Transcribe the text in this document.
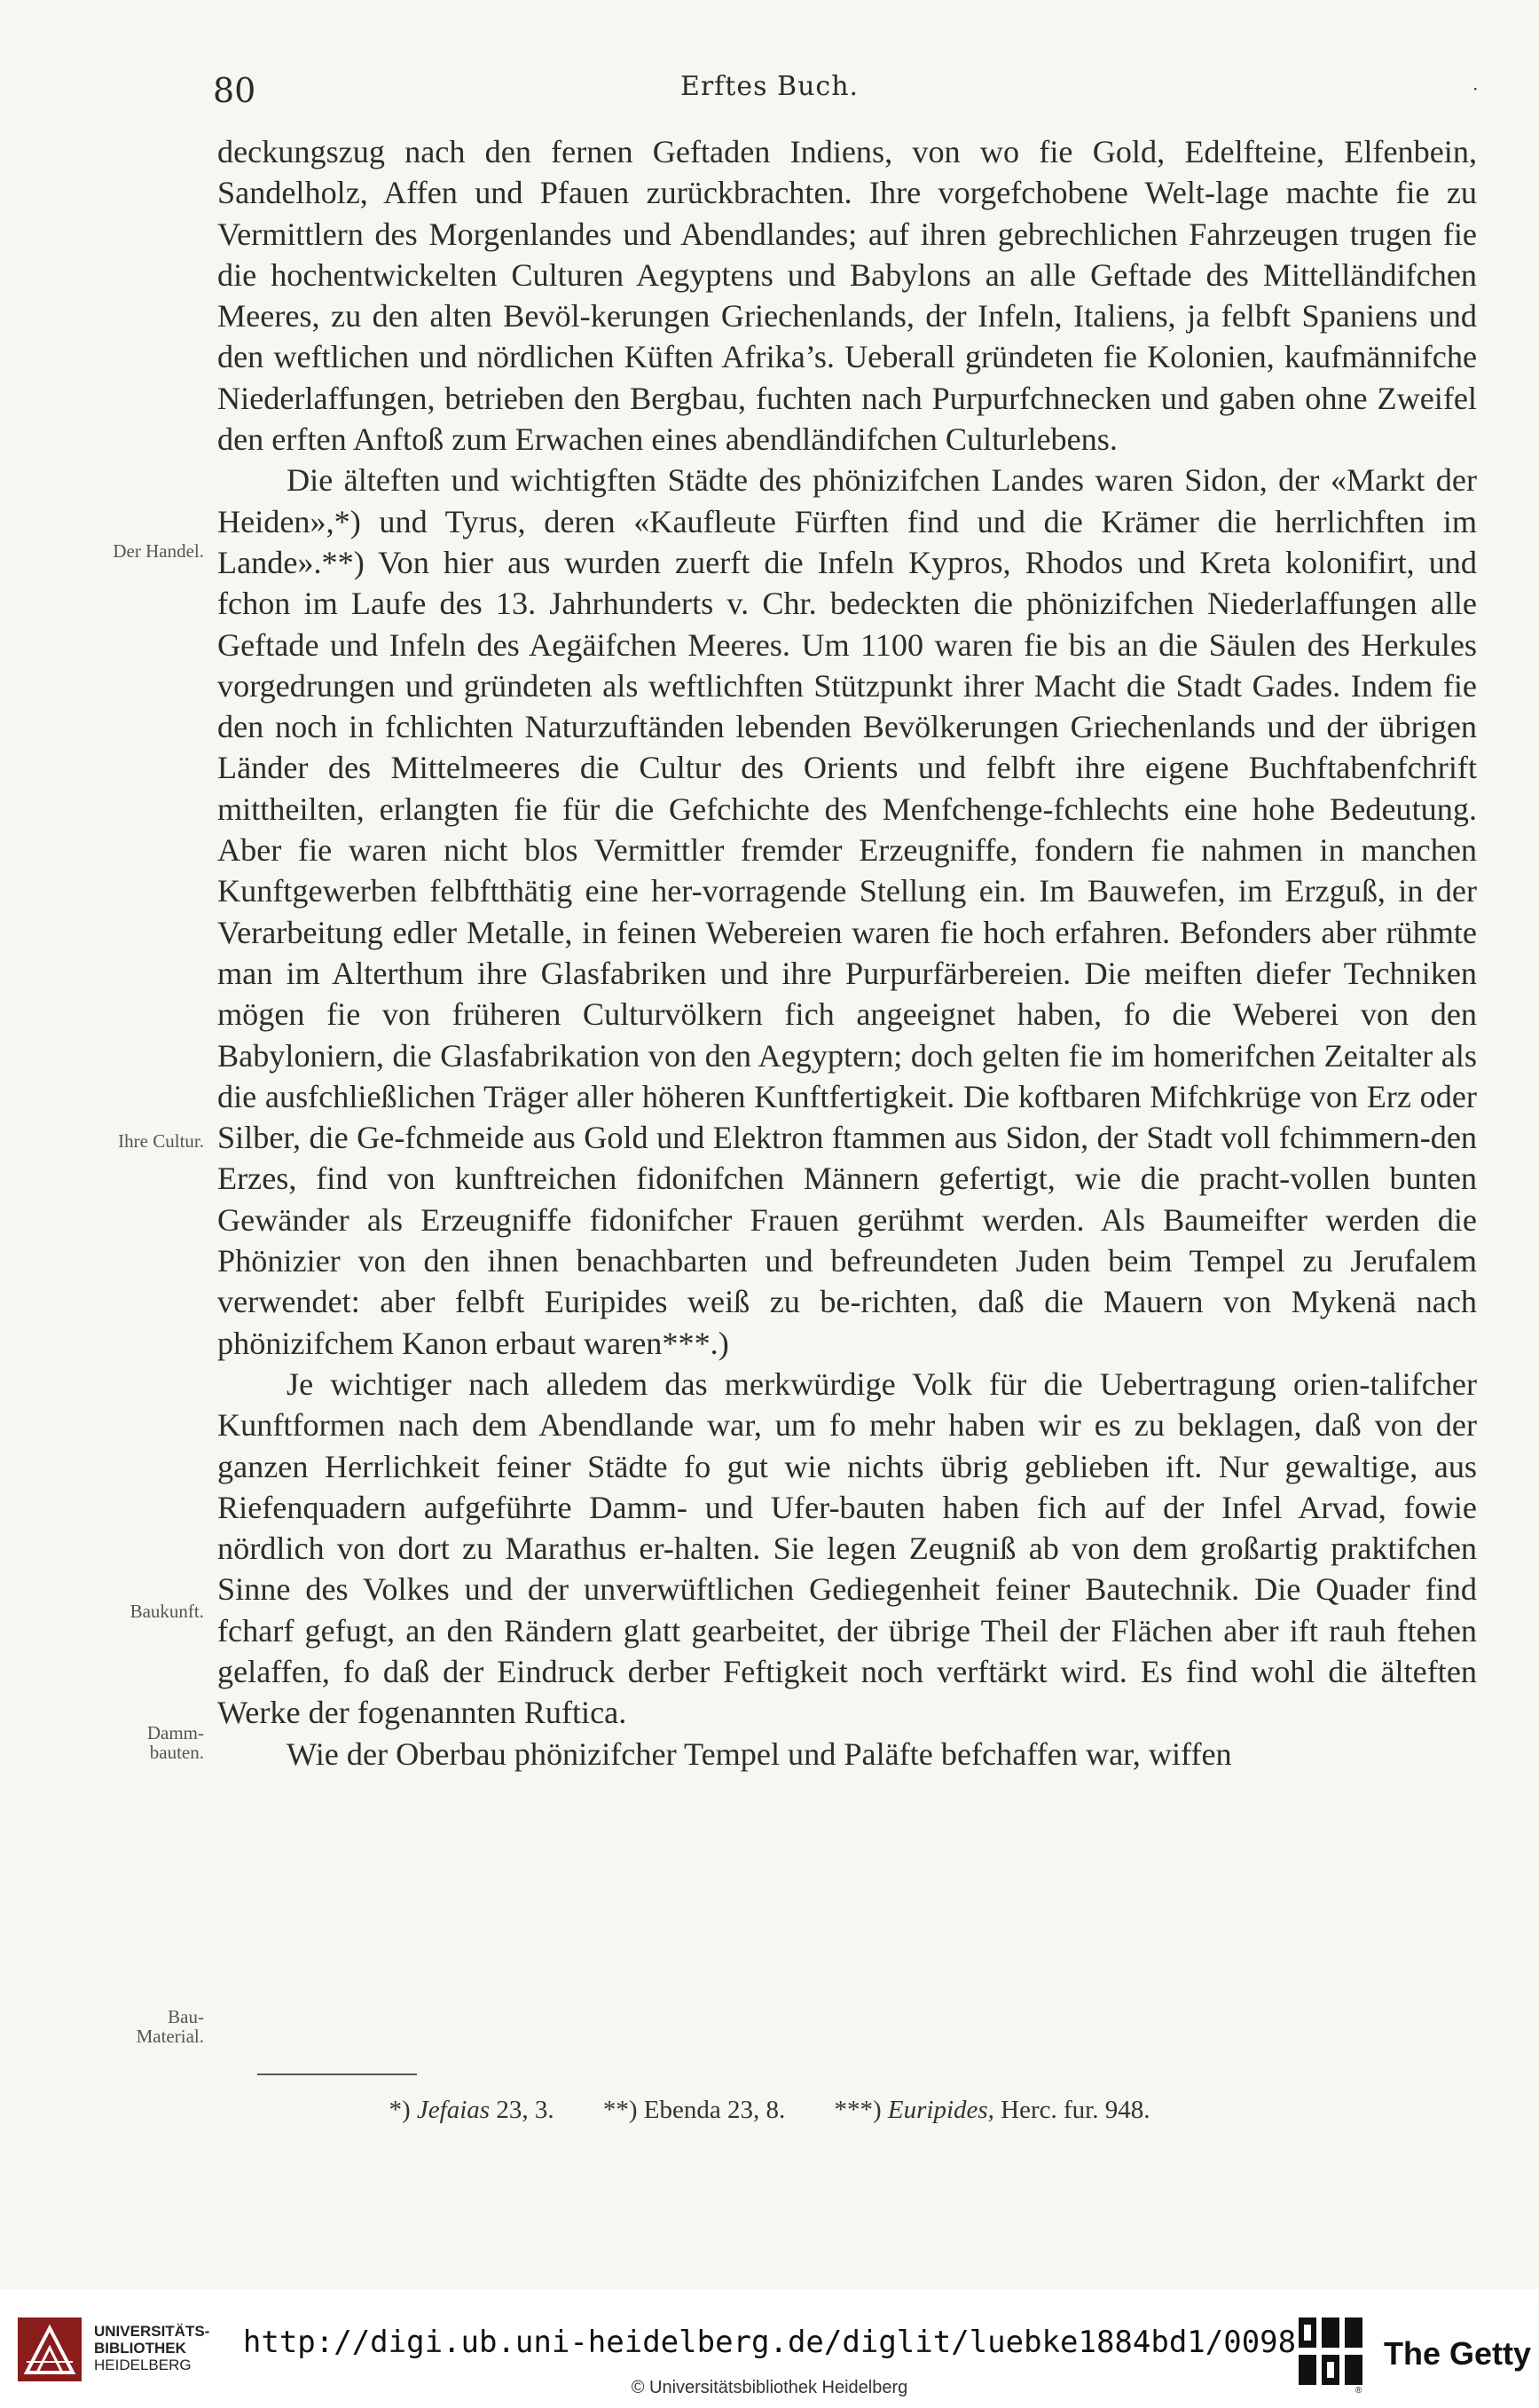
80	Erftes Buch.	·

deckungszug nach den fernen Geftaden Indiens, von wo fie Gold, Edelfteine, Elfenbein, Sandelholz, Affen und Pfauen zurückbrachten. Ihre vorgefchobene Welt-lage machte fie zu Vermittlern des Morgenlandes und Abendlandes; auf ihren gebrechlichen Fahrzeugen trugen fie die hochentwickelten Culturen Aegyptens und Babylons an alle Geftade des Mittelländifchen Meeres, zu den alten Bevöl-kerungen Griechenlands, der Infeln, Italiens, ja felbft Spaniens und den weftlichen und nördlichen Küften Afrika’s. Ueberall gründeten fie Kolonien, kaufmännifche Niederlaffungen, betrieben den Bergbau, fuchten nach Purpurfchnecken und gaben ohne Zweifel den erften Anftoß zum Erwachen eines abendländifchen Culturlebens.

Die älteften und wichtigften Städte des phönizifchen Landes waren Sidon, der «Markt der Heiden»,*) und Tyrus, deren «Kaufleute Fürften find und die Krämer die herrlichften im Lande».**) Von hier aus wurden zuerft die Infeln Kypros, Rhodos und Kreta kolonifirt, und fchon im Laufe des 13. Jahrhunderts v. Chr. bedeckten die phönizifchen Niederlaffungen alle Geftade und Infeln des Aegäifchen Meeres. Um 1100 waren fie bis an die Säulen des Herkules vorgedrungen und gründeten als weftlichften Stützpunkt ihrer Macht die Stadt Gades. Indem fie den noch in fchlichten Naturzuftänden lebenden Bevölkerungen Griechenlands und der übrigen Länder des Mittelmeeres die Cultur des Orients und felbft ihre eigene Buchftabenfchrift mittheilten, erlangten fie für die Gefchichte des Menfchenge-fchlechts eine hohe Bedeutung. Aber fie waren nicht blos Vermittler fremder Erzeugniffe, fondern fie nahmen in manchen Kunftgewerben felbftthätig eine her-vorragende Stellung ein. Im Bauwefen, im Erzguß, in der Verarbeitung edler Metalle, in feinen Webereien waren fie hoch erfahren. Befonders aber rühmte man im Alterthum ihre Glasfabriken und ihre Purpurfärbereien. Die meiften diefer Techniken mögen fie von früheren Culturvölkern fich angeeignet haben, fo die Weberei von den Babyloniern, die Glasfabrikation von den Aegyptern; doch gelten fie im homerifchen Zeitalter als die ausfchließlichen Träger aller höheren Kunftfertigkeit. Die koftbaren Mifchkrüge von Erz oder Silber, die Ge-fchmeide aus Gold und Elektron ftammen aus Sidon, der Stadt voll fchimmern-den Erzes, find von kunftreichen fidonifchen Männern gefertigt, wie die pracht-vollen bunten Gewänder als Erzeugniffe fidonifcher Frauen gerühmt werden. Als Baumeifter werden die Phönizier von den ihnen benachbarten und befreundeten Juden beim Tempel zu Jerufalem verwendet: aber felbft Euripides weiß zu be-richten, daß die Mauern von Mykenä nach phönizifchem Kanon erbaut waren***.)

Je wichtiger nach alledem das merkwürdige Volk für die Uebertragung orien-talifcher Kunftformen nach dem Abendlande war, um fo mehr haben wir es zu beklagen, daß von der ganzen Herrlichkeit feiner Städte fo gut wie nichts übrig geblieben ift. Nur gewaltige, aus Riefenquadern aufgeführte Damm- und Ufer-bauten haben fich auf der Infel Arvad, fowie nördlich von dort zu Marathus er-halten. Sie legen Zeugniß ab von dem großartig praktifchen Sinne des Volkes und der unverwüftlichen Gediegenheit feiner Bautechnik. Die Quader find fcharf gefugt, an den Rändern glatt gearbeitet, der übrige Theil der Flächen aber ift rauh ftehen gelaffen, fo daß der Eindruck derber Feftigkeit noch verftärkt wird. Es find wohl die älteften Werke der fogenannten Ruftica.

Wie der Oberbau phönizifcher Tempel und Paläfte befchaffen war, wiffen

Der Handel.
Ihre Cultur.
Baukunft.
Damm-
bauten.
Bau-
Material.
*) Jefaias 23, 3. **) Ebenda 23, 8. ***) Euripides, Herc. fur. 948.
UNIVERSITÄTS-
BIBLIOTHEK
HEIDELBERG
http://digi.ub.uni-heidelberg.de/diglit/luebke1884bd1/0098
© Universitätsbibliothek Heidelberg	®
The Getty
